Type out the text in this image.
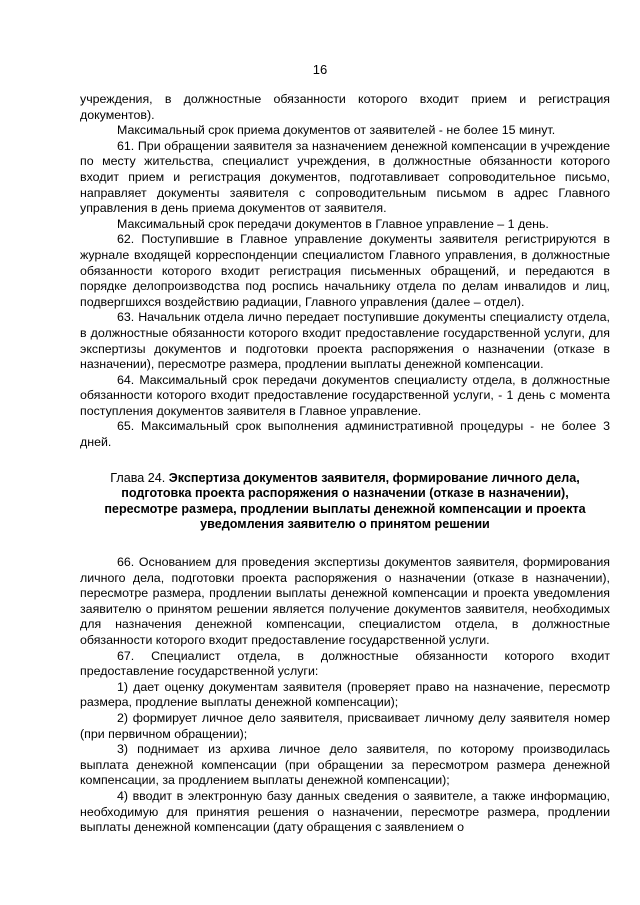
16

учреждения, в должностные обязанности которого входит прием и регистрация документов).

Максимальный срок приема документов от заявителей - не более 15 минут.

61. При обращении заявителя за назначением денежной компенсации в учреждение по месту жительства, специалист учреждения, в должностные обязанности которого входит прием и регистрация документов, подготавливает сопроводительное письмо, направляет документы заявителя с сопроводительным письмом в адрес Главного управления в день приема документов от заявителя.

Максимальный срок передачи документов в Главное управление – 1 день.

62. Поступившие в Главное управление документы заявителя регистрируются в журнале входящей корреспонденции специалистом Главного управления, в должностные обязанности которого входит регистрация письменных обращений, и передаются в порядке делопроизводства под роспись начальнику отдела по делам инвалидов и лиц, подвергшихся воздействию радиации, Главного управления (далее – отдел).

63. Начальник отдела лично передает поступившие документы специалисту отдела, в должностные обязанности которого входит предоставление государственной услуги, для экспертизы документов и подготовки проекта распоряжения о назначении (отказе в назначении), пересмотре размера, продлении выплаты денежной компенсации.

64. Максимальный срок передачи документов специалисту отдела, в должностные обязанности которого входит предоставление государственной услуги, - 1 день с момента поступления документов заявителя в Главное управление.

65. Максимальный срок выполнения административной процедуры - не более 3 дней.

Глава 24. Экспертиза документов заявителя, формирование личного дела, подготовка проекта распоряжения о назначении (отказе в назначении), пересмотре размера, продлении выплаты денежной компенсации и проекта уведомления заявителю о принятом решении

66. Основанием для проведения экспертизы документов заявителя, формирования личного дела, подготовки проекта распоряжения о назначении (отказе в назначении), пересмотре размера, продлении выплаты денежной компенсации и проекта уведомления заявителю о принятом решении является получение документов заявителя, необходимых для назначения денежной компенсации, специалистом отдела, в должностные обязанности которого входит предоставление государственной услуги.

67. Специалист отдела, в должностные обязанности которого входит предоставление государственной услуги:

1) дает оценку документам заявителя (проверяет право на назначение, пересмотр размера, продление выплаты денежной компенсации);

2) формирует личное дело заявителя, присваивает личному делу заявителя номер (при первичном обращении);

3) поднимает из архива личное дело заявителя, по которому производилась выплата денежной компенсации (при обращении за пересмотром размера денежной компенсации, за продлением выплаты денежной компенсации);

4) вводит в электронную базу данных сведения о заявителе, а также информацию, необходимую для принятия решения о назначении, пересмотре размера, продлении выплаты денежной компенсации (дату обращения с заявлением о
